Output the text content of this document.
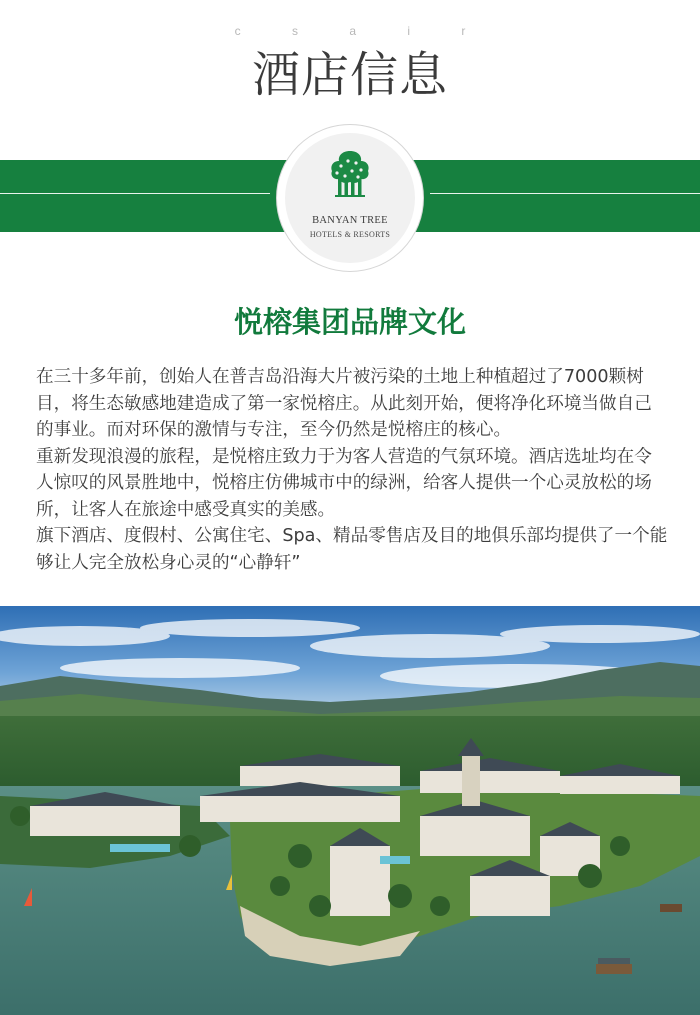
c s a i r
酒店信息
BANYAN TREE
HOTELS & RESORTS
悦榕集团品牌文化

在三十多年前，创始人在普吉岛沿海大片被污染的土地上种植超过了7000颗树目，将生态敏感地建造成了第一家悦榕庄。从此刻开始，便将净化环境当做自己的事业。而对环保的激情与专注，至今仍然是悦榕庄的核心。

重新发现浪漫的旅程，是悦榕庄致力于为客人营造的气氛环境。酒店选址均在令人惊叹的风景胜地中，悦榕庄仿佛城市中的绿洲，给客人提供一个心灵放松的场所，让客人在旅途中感受真实的美感。

旗下酒店、度假村、公寓住宅、Spa、精品零售店及目的地俱乐部均提供了一个能够让人完全放松身心灵的“心静轩”
